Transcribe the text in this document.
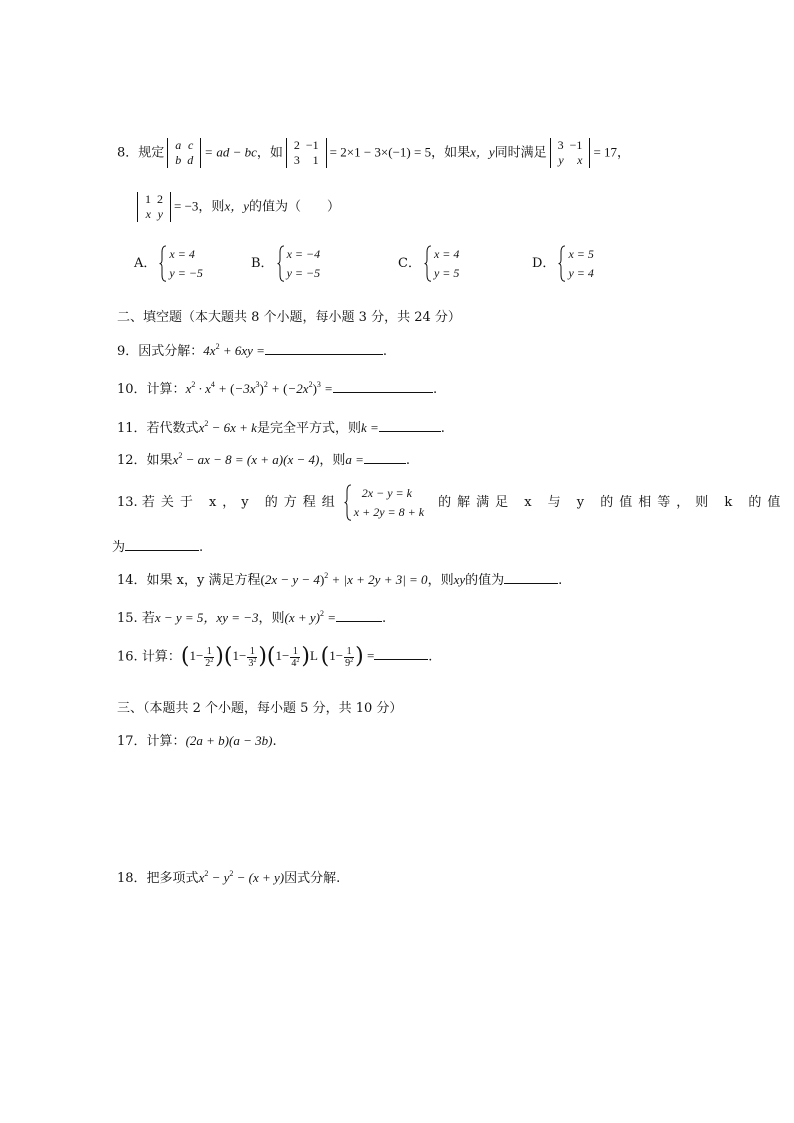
8．规定
a	c
b	d
= ad − bc，如
2	−1
3	1
= 2×1 − 3×(−1) = 5，如果x，y同时满足
3	−1
y	x
= 17，
1	2
x	y
= −3，则x，y的值为（　　）
A．
x = 4
y = −5
B．
x = −4
y = −5
C．
x = 4
y = 5
D．
x = 5
y = 4
二、填空题（本大题共 8 个小题，每小题 3 分，共 24 分）
9．因式分解：$4x^2 + 6xy$ =	.
10．计算：$x^2 \cdot x^4 + (-3x^3)^2 + (-2x^2)^3$ =	.
11．若代数式$x^2 - 6x + k$是完全平方式，则k =	.
12．如果$x^2$ − ax − 8 = (x + a)(x − 4)，则a =	.
13. 若关于 x，y 的方程组
2x − y = k
x + 2y = 8 + k
的解满足 x 与 y 的值相等，则 k 的值
为	.
14．如果 x，y 满足方程$(2x - y - 4)^2 + |x + 2y + 3| = 0$，则xy的值为	.
15. 若x − y = 5，xy = −3，则$(x + y)^2$ =	.
16. 计算：$(1- \frac{1}{2^2} )(1- \frac{1}{3^2} )(1- \frac{1}{4^2} )L$ ($1- \frac{1}{9^2}$ ) =	.
三、（本题共 2 个小题，每小题 5 分，共 10 分）
17．计算：(2a + b)(a − 3b).
18．把多项式$x^2 - y^2 - (x + y)$因式分解.
